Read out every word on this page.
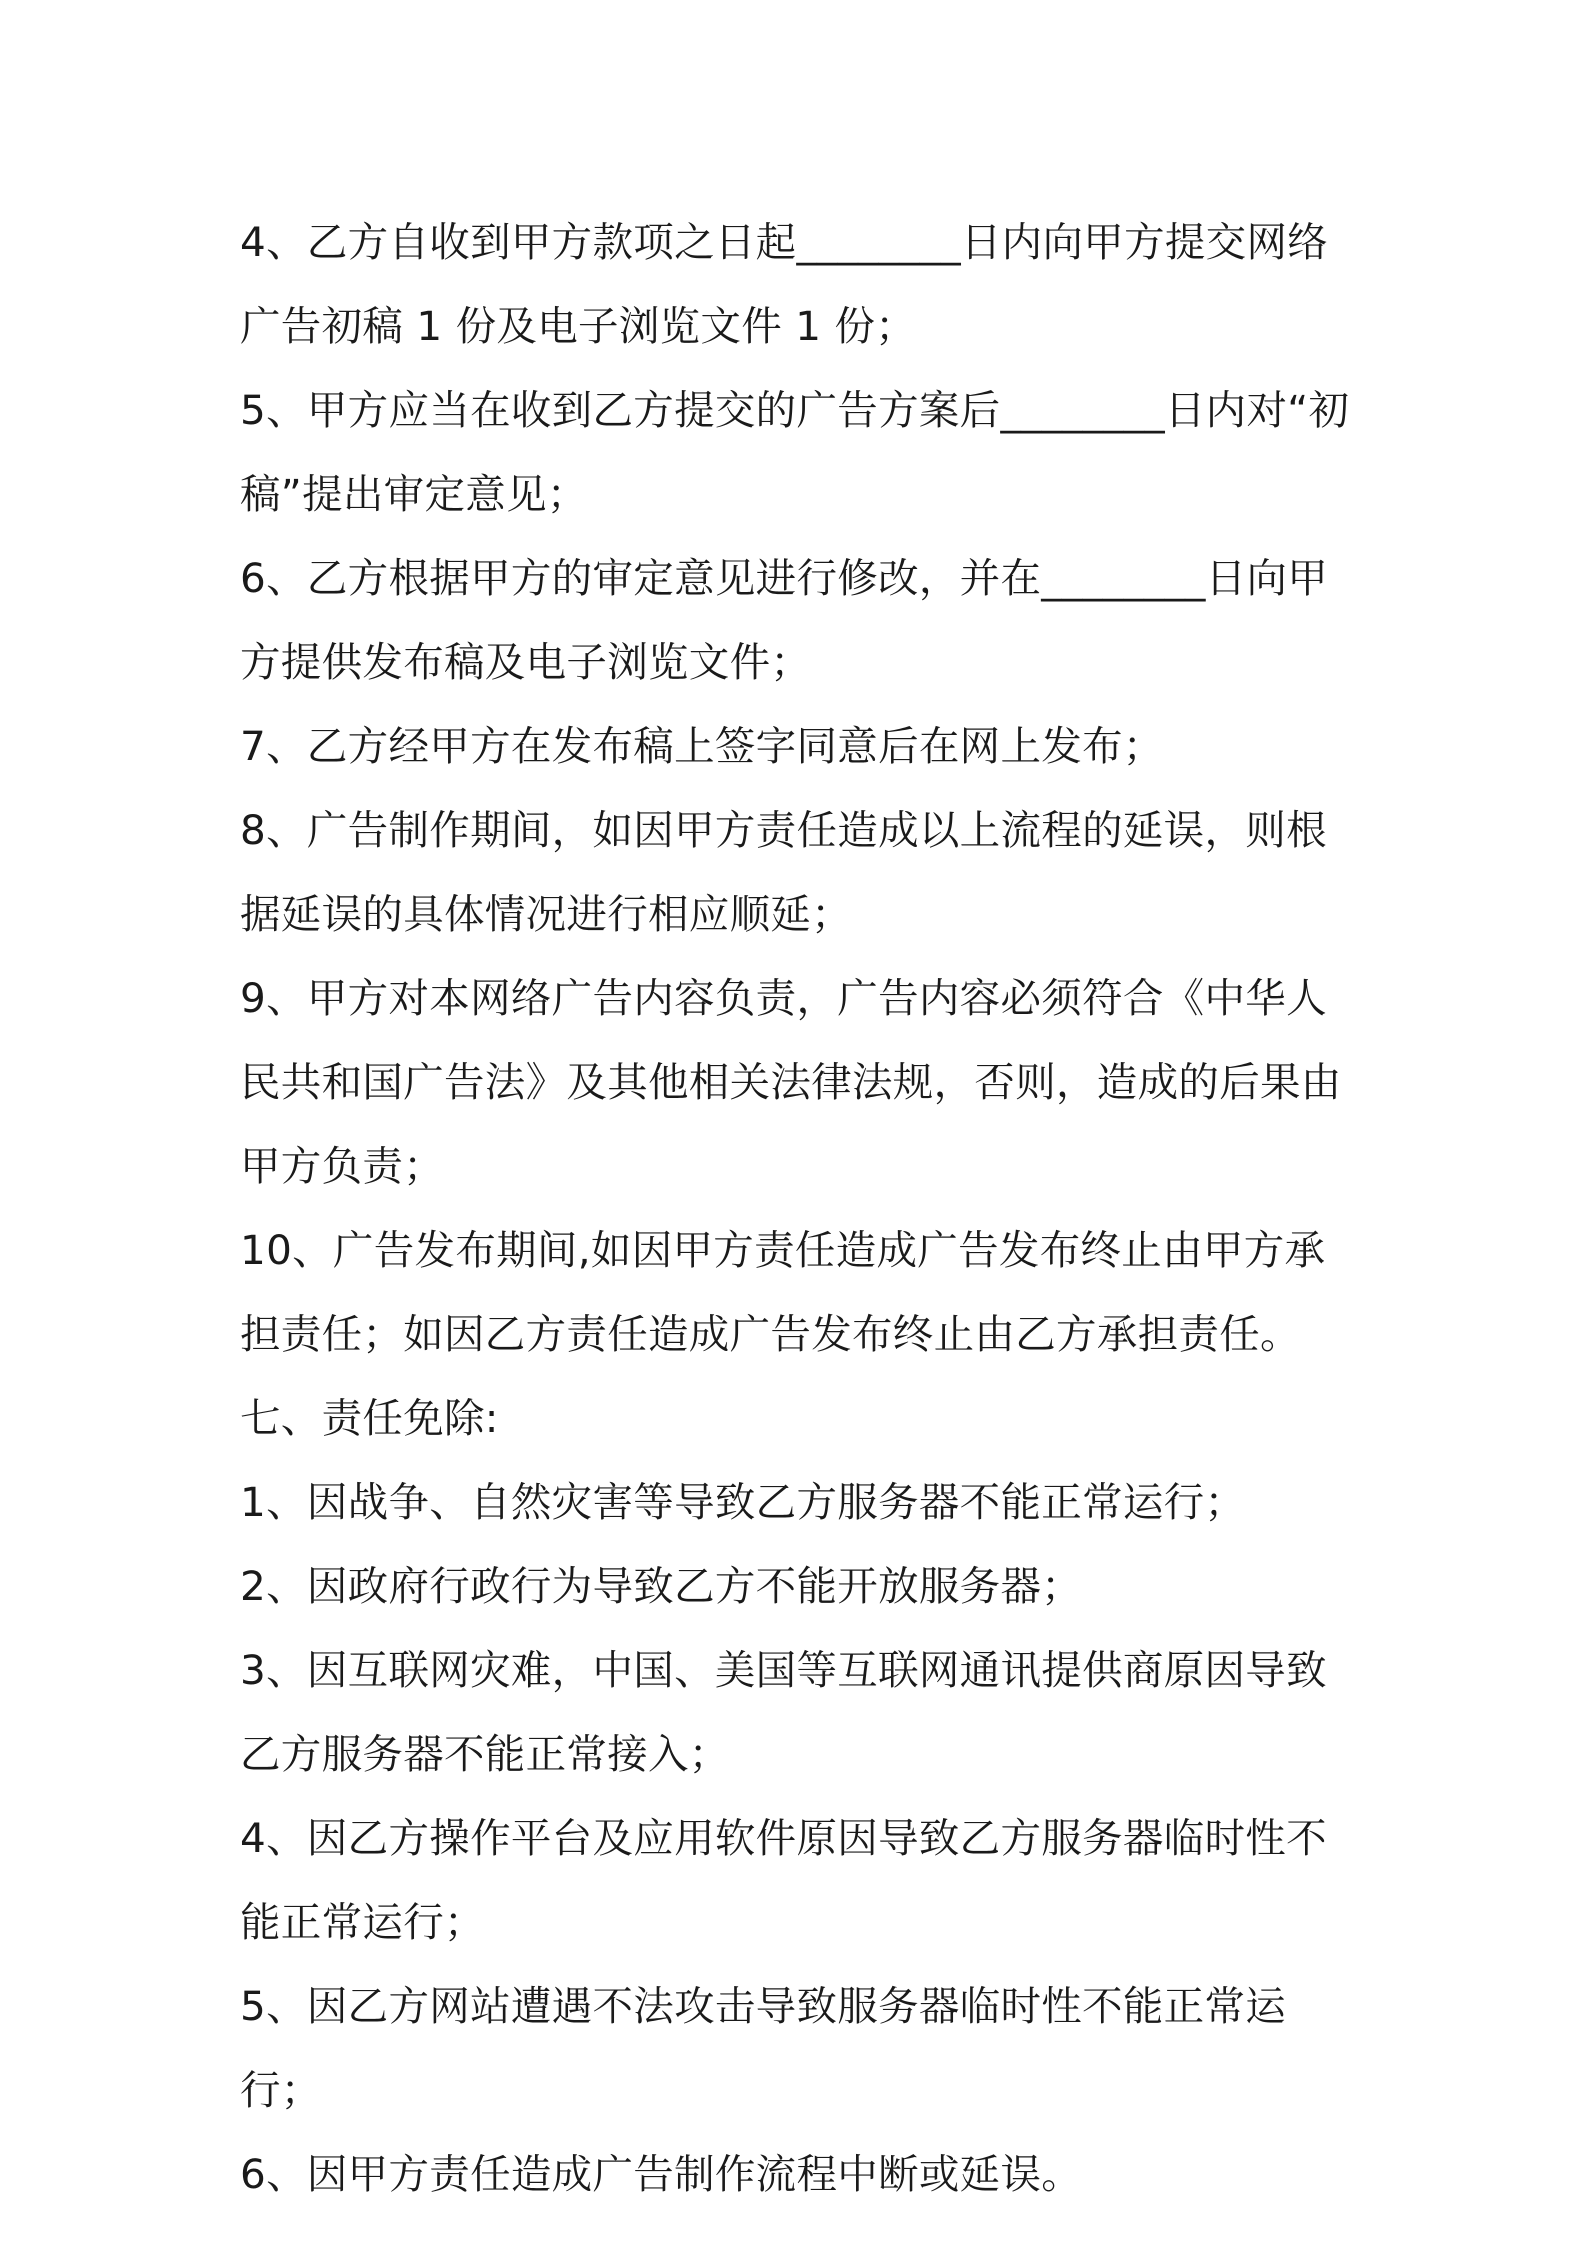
4、乙方自收到甲方款项之日起________日内向甲方提交网络广告初稿 1 份及电子浏览文件 1 份；

5、甲方应当在收到乙方提交的广告方案后________日内对“初稿”提出审定意见；

6、乙方根据甲方的审定意见进行修改，并在________日向甲方提供发布稿及电子浏览文件；

7、乙方经甲方在发布稿上签字同意后在网上发布；

8、广告制作期间，如因甲方责任造成以上流程的延误，则根据延误的具体情况进行相应顺延；

9、甲方对本网络广告内容负责，广告内容必须符合《中华人民共和国广告法》及其他相关法律法规，否则，造成的后果由甲方负责；

10、广告发布期间,如因甲方责任造成广告发布终止由甲方承担责任；如因乙方责任造成广告发布终止由乙方承担责任。

七、责任免除:

1、因战争、自然灾害等导致乙方服务器不能正常运行；

2、因政府行政行为导致乙方不能开放服务器；

3、因互联网灾难，中国、美国等互联网通讯提供商原因导致乙方服务器不能正常接入；

4、因乙方操作平台及应用软件原因导致乙方服务器临时性不能正常运行；

5、因乙方网站遭遇不法攻击导致服务器临时性不能正常运行；

6、因甲方责任造成广告制作流程中断或延误。
